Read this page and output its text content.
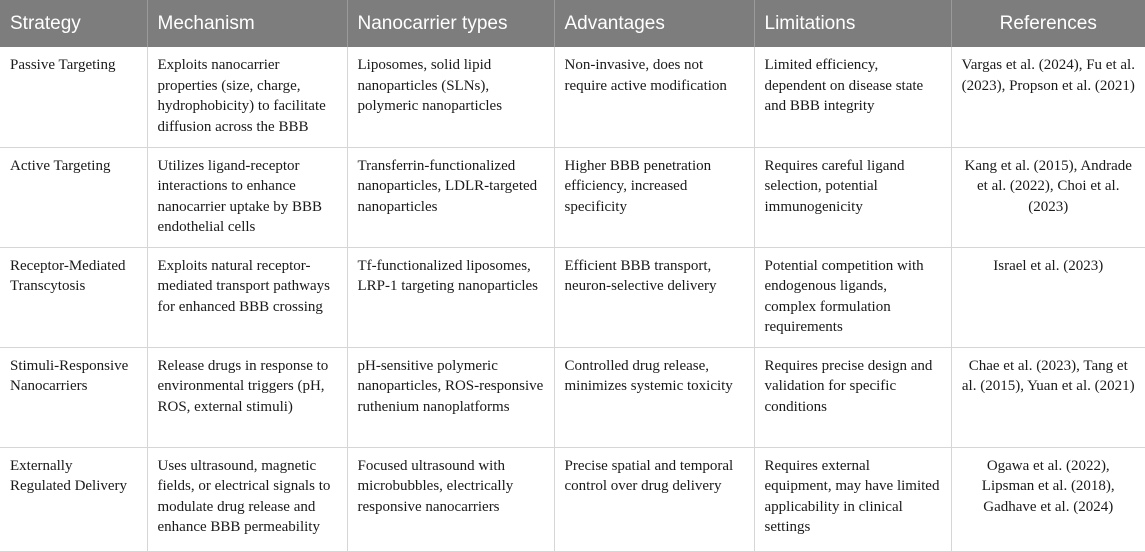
Strategy	Mechanism	Nanocarrier types	Advantages	Limitations	References
Passive Targeting	Exploits nanocarrier properties (size, charge, hydrophobicity) to facilitate diffusion across the BBB	Liposomes, solid lipid nanoparticles (SLNs), polymeric nanoparticles	Non-invasive, does not require active modification	Limited efficiency, dependent on disease state and BBB integrity	Vargas et al. (2024), Fu et al. (2023), Propson et al. (2021)
Active Targeting	Utilizes ligand-receptor interactions to enhance nanocarrier uptake by BBB endothelial cells	Transferrin-functionalized nanoparticles, LDLR-targeted nanoparticles	Higher BBB penetration efficiency, increased specificity	Requires careful ligand selection, potential immunogenicity	Kang et al. (2015), Andrade et al. (2022), Choi et al. (2023)
Receptor-Mediated Transcytosis	Exploits natural receptor-mediated transport pathways for enhanced BBB crossing	Tf-functionalized liposomes, LRP-1 targeting nanoparticles	Efficient BBB transport, neuron-selective delivery	Potential competition with endogenous ligands, complex formulation requirements	Israel et al. (2023)
Stimuli-Responsive Nanocarriers	Release drugs in response to environmental triggers (pH, ROS, external stimuli)	pH-sensitive polymeric nanoparticles, ROS-responsive ruthenium nanoplatforms	Controlled drug release, minimizes systemic toxicity	Requires precise design and validation for specific conditions	Chae et al. (2023), Tang et al. (2015), Yuan et al. (2021)
Externally Regulated Delivery	Uses ultrasound, magnetic fields, or electrical signals to modulate drug release and enhance BBB permeability	Focused ultrasound with microbubbles, electrically responsive nanocarriers	Precise spatial and temporal control over drug delivery	Requires external equipment, may have limited applicability in clinical settings	Ogawa et al. (2022), Lipsman et al. (2018), Gadhave et al. (2024)
